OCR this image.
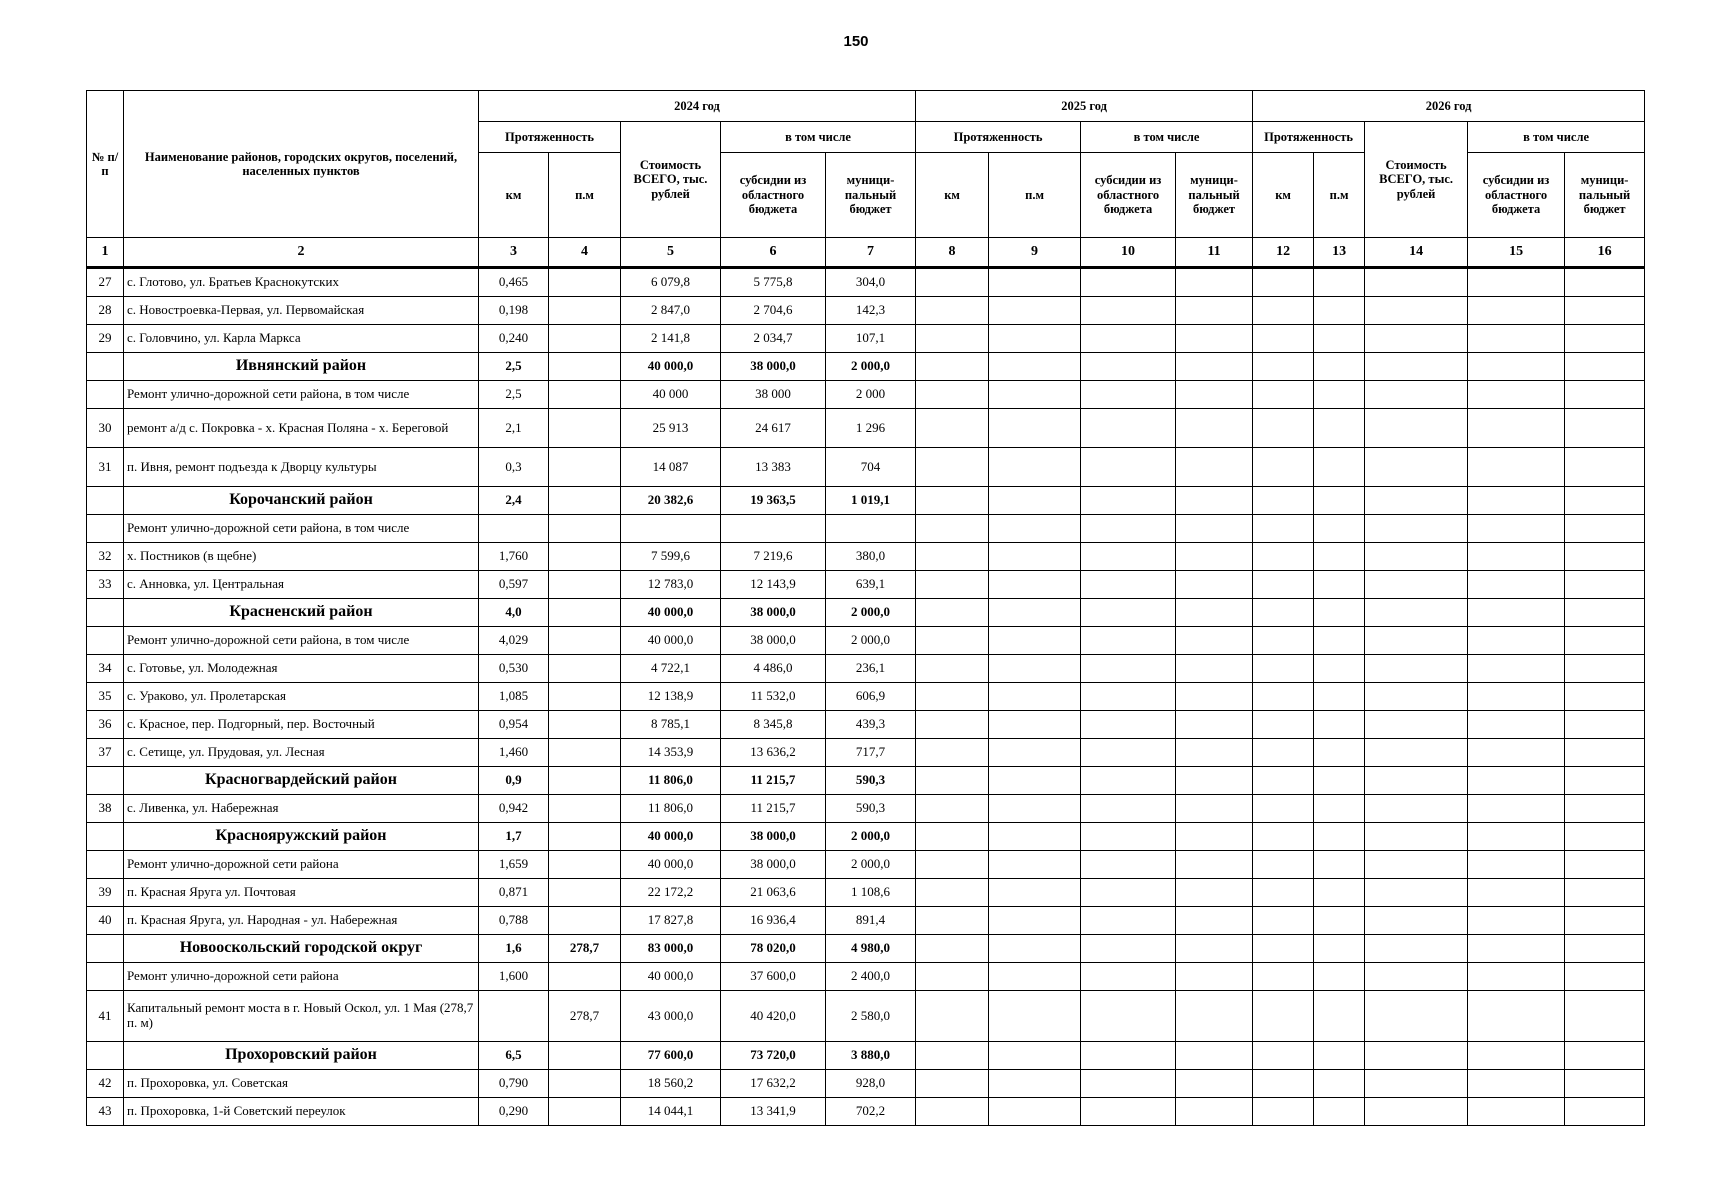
150
№ п/п	Наименование районов, городских округов, поселений, населенных пунктов	2024 год					2025 год				2026 год				
		Протяженность		Стоимость ВСЕГО, тыс. рублей	в том числе		Протяженность		в том числе		Протяженность		Стоимость ВСЕГО, тыс. рублей	в том числе	
		км	п.м		субсидии из областного бюджета	муници-пальный бюджет	км	п.м	субсидии из областного бюджета	муници-пальный бюджет	км	п.м		субсидии из областного бюджета	муници-пальный бюджет
1	2	3	4	5	6	7	8	9	10	11	12	13	14	15	16
27	с. Глотово, ул. Братьев Краснокутских	0,465		6 079,8	5 775,8	304,0									
28	с. Новостроевка-Первая, ул. Первомайская	0,198		2 847,0	2 704,6	142,3									
29	с. Головчино, ул. Карла Маркса	0,240		2 141,8	2 034,7	107,1									
	Ивнянский район	2,5		40 000,0	38 000,0	2 000,0									
	Ремонт улично-дорожной сети района, в том числе	2,5		40 000	38 000	2 000									
30	ремонт а/д с. Покровка - х. Красная Поляна - х. Береговой	2,1		25 913	24 617	1 296									
31	п. Ивня, ремонт подъезда к Дворцу культуры	0,3		14 087	13 383	704									
	Корочанский район	2,4		20 382,6	19 363,5	1 019,1									
	Ремонт улично-дорожной сети района, в том числе														
32	х. Постников (в щебне)	1,760		7 599,6	7 219,6	380,0									
33	с. Анновка, ул. Центральная	0,597		12 783,0	12 143,9	639,1									
	Красненский район	4,0		40 000,0	38 000,0	2 000,0									
	Ремонт улично-дорожной сети района, в том числе	4,029		40 000,0	38 000,0	2 000,0									
34	с. Готовье, ул. Молодежная	0,530		4 722,1	4 486,0	236,1									
35	с. Ураково, ул. Пролетарская	1,085		12 138,9	11 532,0	606,9									
36	с. Красное, пер. Подгорный, пер. Восточный	0,954		8 785,1	8 345,8	439,3									
37	с. Сетище, ул. Прудовая, ул. Лесная	1,460		14 353,9	13 636,2	717,7									
	Красногвардейский район	0,9		11 806,0	11 215,7	590,3									
38	с. Ливенка, ул. Набережная	0,942		11 806,0	11 215,7	590,3									
	Краснояружский район	1,7		40 000,0	38 000,0	2 000,0									
	Ремонт улично-дорожной сети района	1,659		40 000,0	38 000,0	2 000,0									
39	п. Красная Яруга ул. Почтовая	0,871		22 172,2	21 063,6	1 108,6									
40	п. Красная Яруга, ул. Народная - ул. Набережная	0,788		17 827,8	16 936,4	891,4									
	Новооскольский городской округ	1,6	278,7	83 000,0	78 020,0	4 980,0									
	Ремонт улично-дорожной сети района	1,600		40 000,0	37 600,0	2 400,0									
41	Капитальный ремонт моста в г. Новый Оскол, ул. 1 Мая (278,7 п. м)		278,7	43 000,0	40 420,0	2 580,0									
	Прохоровский район	6,5		77 600,0	73 720,0	3 880,0									
42	п. Прохоровка, ул. Советская	0,790		18 560,2	17 632,2	928,0									
43	п. Прохоровка, 1-й Советский переулок	0,290		14 044,1	13 341,9	702,2									
